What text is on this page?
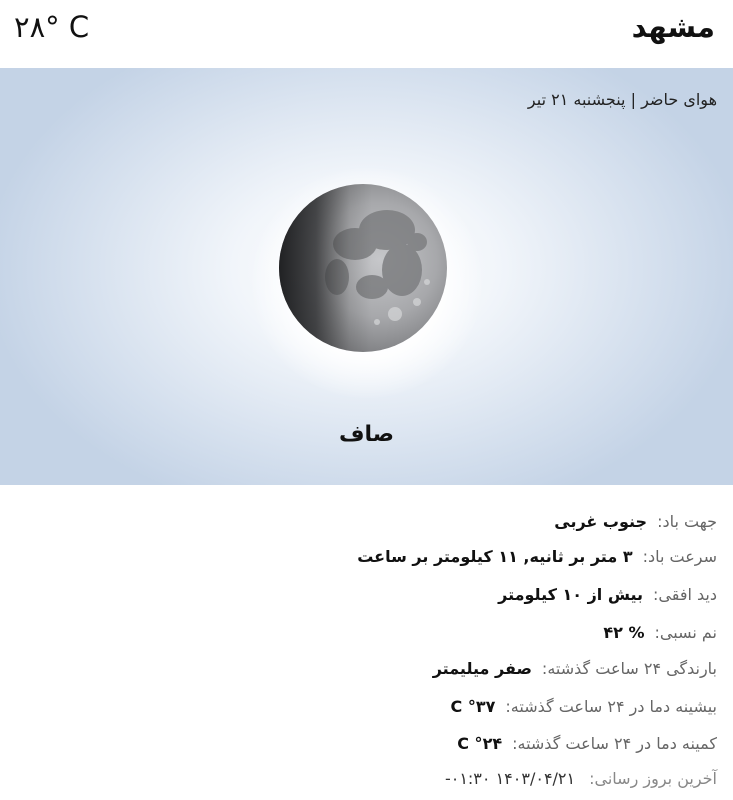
۲۸° C	مشهد
هوای حاضر | پنجشنبه ۲۱ تیر
صاف
جهت باد:جنوب غربی
سرعت باد:۳ متر بر ثانیه, ۱۱ کیلومتر بر ساعت
دید افقی:بیش از ۱۰ کیلومتر
نم نسبی:% ۴۲
بارندگی ۲۴ ساعت گذشته:صفر میلیمتر
بیشینه دما در ۲۴ ساعت گذشته:۳۷° C
کمینه دما در ۲۴ ساعت گذشته:۲۴° C
آخرین بروز رسانی:۱۴۰۳/۰۴/۲۱ ۰۱:۳۰-
